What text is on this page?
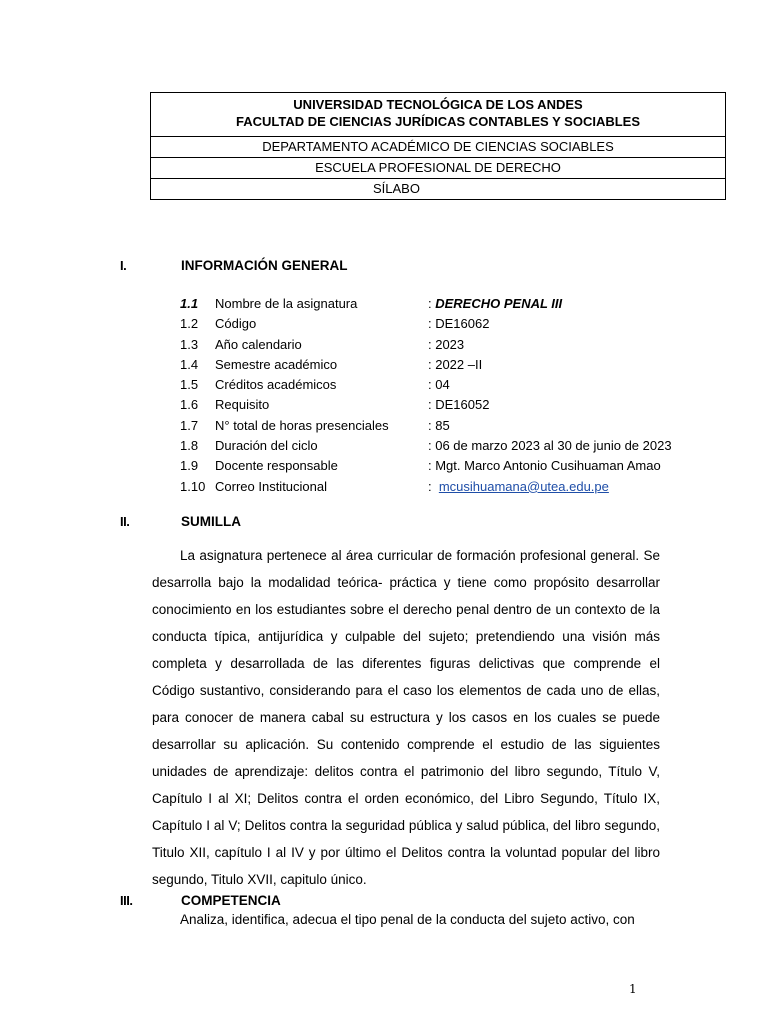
UNIVERSIDAD TECNOLÓGICA DE LOS ANDES
FACULTAD DE CIENCIAS JURÍDICAS CONTABLES Y SOCIABLES
DEPARTAMENTO ACADÉMICO DE CIENCIAS SOCIABLES
ESCUELA PROFESIONAL DE DERECHO
SÍLABO
I.	INFORMACIÓN GENERAL
1.1	Nombre de la asignatura	: DERECHO PENAL III
1.2	Código	: DE16062
1.3	Año calendario	: 2023
1.4	Semestre académico	: 2022 –II
1.5	Créditos académicos	: 04
1.6	Requisito	: DE16052
1.7	N° total de horas presenciales	: 85
1.8	Duración del ciclo	: 06 de marzo 2023 al 30 de junio de 2023
1.9	Docente responsable	: Mgt. Marco Antonio Cusihuaman Amao
1.10 Correo Institucional	:  mcusihuamana@utea.edu.pe
II.	SUMILLA
La asignatura pertenece al área curricular de formación profesional general. Se desarrolla bajo la modalidad teórica- práctica y tiene como propósito desarrollar conocimiento en los estudiantes sobre el derecho penal dentro de un contexto de la conducta típica, antijurídica y culpable del sujeto; pretendiendo una visión más completa y desarrollada de las diferentes figuras delictivas que comprende el Código sustantivo, considerando para el caso los elementos de cada uno de ellas, para conocer de manera cabal su estructura y los casos en los cuales se puede desarrollar su aplicación. Su contenido comprende el estudio de las siguientes unidades de aprendizaje: delitos contra el patrimonio del libro segundo, Título V, Capítulo I al XI; Delitos contra el orden económico, del Libro Segundo, Título IX, Capítulo I al V; Delitos contra la seguridad pública y salud pública, del libro segundo, Titulo XII, capítulo I al IV y por último el Delitos contra la voluntad popular del libro segundo, Titulo XVII, capitulo único.
III.	COMPETENCIA
Analiza, identifica, adecua el tipo penal de la conducta del sujeto activo, con
1
